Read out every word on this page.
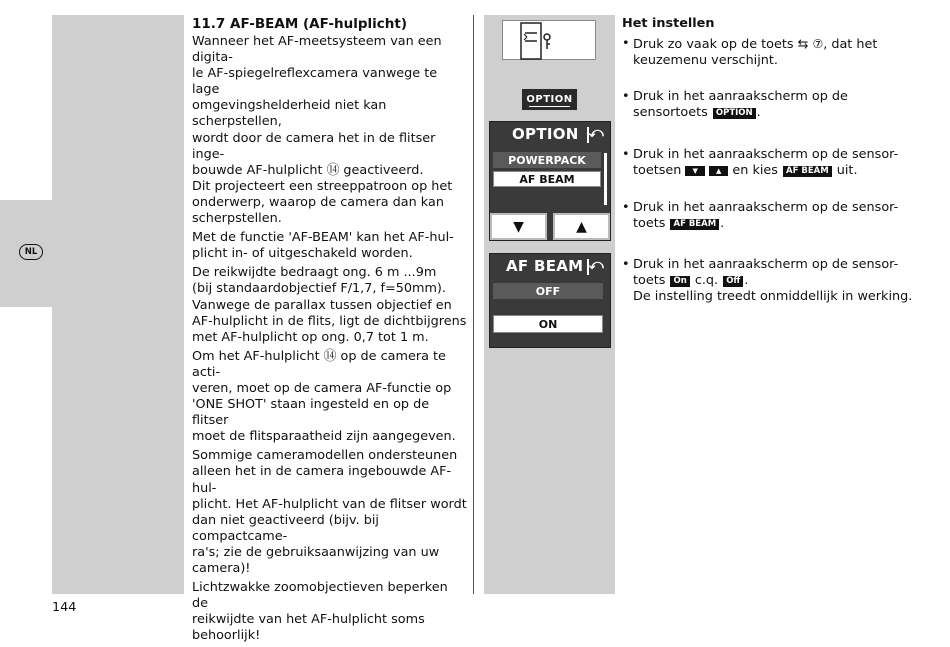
NL
11.7 AF-BEAM (AF-hulplicht)

Wanneer het AF-meetsysteem van een digita-
le AF-spiegelreflexcamera vanwege te lage
omgevingshelderheid niet kan scherpstellen,
wordt door de camera het in de flitser inge-
bouwde AF-hulplicht ⑭ geactiveerd.
Dit projecteert een streeppatroon op het
onderwerp, waarop de camera dan kan
scherpstellen.

Met de functie 'AF-BEAM' kan het AF-hul-
plicht in- of uitgeschakeld worden.

De reikwijdte bedraagt ong. 6 m ...9m
(bij standaardobjectief F/1,7, f=50mm).
Vanwege de parallax tussen objectief en
AF-hulplicht in de flits, ligt de dichtbijgrens
met AF-hulplicht op ong. 0,7 tot 1 m.

Om het AF-hulplicht ⑭ op de camera te acti-
veren, moet op de camera AF-functie op
'ONE SHOT' staan ingesteld en op de flitser
moet de flitsparaatheid zijn aangegeven.

Sommige cameramodellen ondersteunen
alleen het in de camera ingebouwde AF-hul-
plicht. Het AF-hulplicht van de flitser wordt
dan niet geactiveerd (bijv. bij compactcame-
ra's; zie de gebruiksaanwijzing van uw
camera)!

Lichtzwakke zoomobjectieven beperken de
reikwijdte van het AF-hulplicht soms
behoorlijk!

OPTION
OPTION ⤺
POWERPACK
AF BEAM
▼	▲
AF BEAM ⤺
OFF
ON
Het instellen
• Druk zo vaak op de toets ⇆ ⑦, dat het
keuzemenu verschijnt.
• Druk in het aanraakscherm op de
sensortoets OPTION .
• Druk in het aanraakscherm op de sensor-
toetsen ▼	▲ en kies AF BEAM uit.
• Druk in het aanraakscherm op de sensor-
toets AF BEAM .
• Druk in het aanraakscherm op de sensor-
toets On c.q. Off .
De instelling treedt onmiddellijk in werking.
144
